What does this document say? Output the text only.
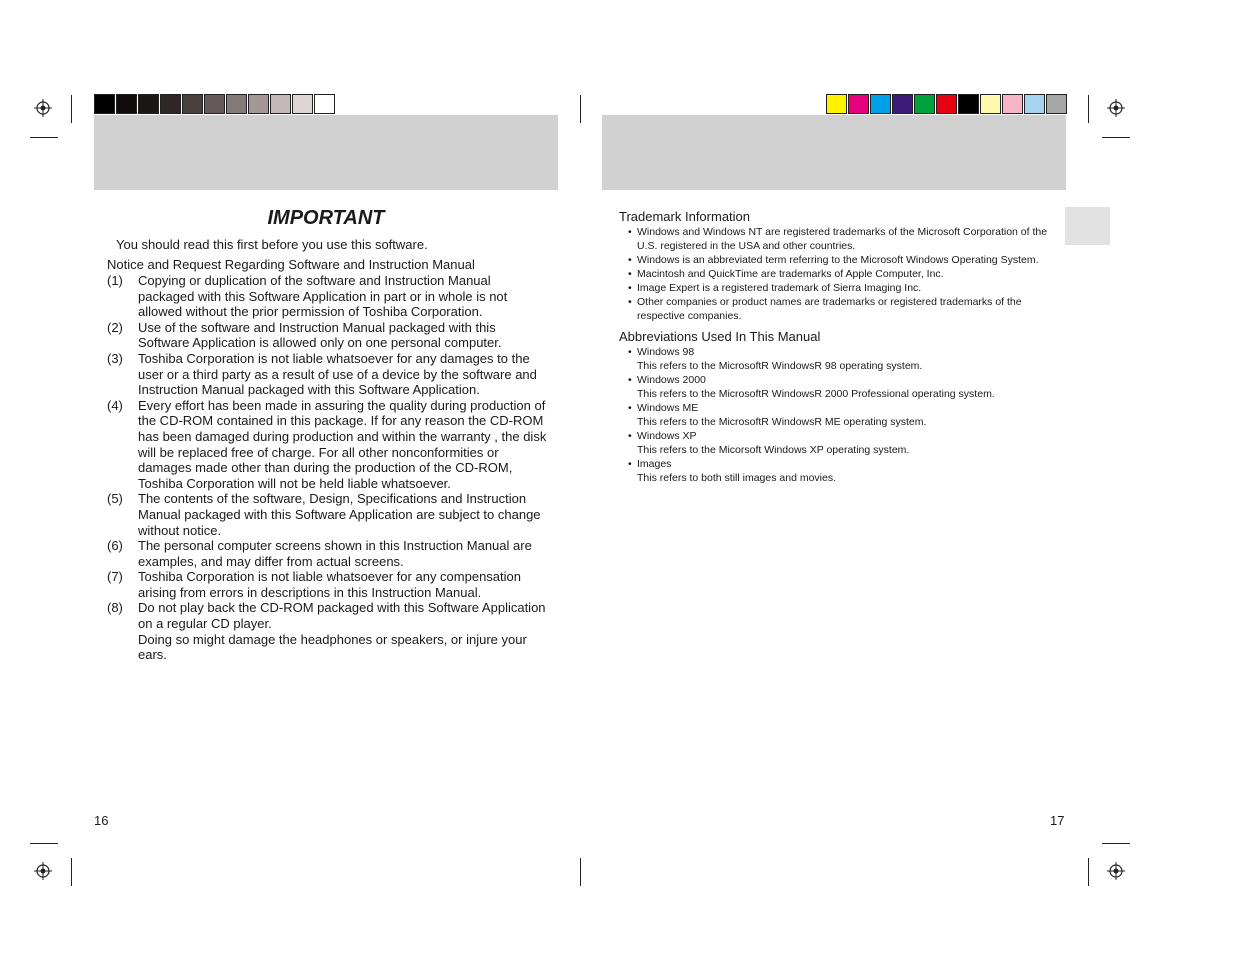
IMPORTANT
You should read this first before you use this software.
Notice and Request Regarding Software and Instruction Manual
(1)	Copying or duplication of the software and Instruction Manual packaged with this Software Application in part or in whole is not allowed without the prior permission of Toshiba Corporation.
(2)	Use of the software and Instruction Manual packaged with this Software Application is allowed only on one personal computer.
(3)	Toshiba Corporation is not liable whatsoever for any damages to the user or a third party as a result of use of a device by the software and Instruction Manual packaged with this Software Application.
(4)	Every effort has been made in assuring the quality during production of the CD-ROM contained in this package. If for any reason the CD-ROM has been damaged during production and within the warranty , the disk will be replaced free of charge. For all other nonconformities or damages made other than during the production of the CD-ROM, Toshiba Corporation will not be held liable whatsoever.
(5)	The contents of the software, Design, Specifications and Instruction Manual packaged with this Software Application are subject to change without notice.
(6)	The personal computer screens shown in this Instruction Manual are examples, and may differ from actual screens.
(7)	Toshiba Corporation is not liable whatsoever for any compensation arising from errors in descriptions in this Instruction Manual.
(8)	Do not play back the CD-ROM packaged with this Software Application on a regular CD player.
Doing so might damage the headphones or speakers, or injure your ears.
16
Trademark Information
• Windows and Windows NT are registered trademarks of the Microsoft Corporation of the U.S. registered in the USA and other countries.
• Windows is an abbreviated term referring to the Microsoft Windows Operating System.
• Macintosh and QuickTime are trademarks of Apple Computer, Inc.
• Image Expert is a registered trademark of Sierra Imaging Inc.
• Other companies or product names are trademarks or registered trademarks of the respective companies.
Abbreviations Used In This Manual
• Windows 98
This refers to the MicrosoftR WindowsR 98 operating system.
• Windows 2000
This refers to the MicrosoftR WindowsR 2000 Professional operating system.
• Windows ME
This refers to the MicrosoftR WindowsR ME operating system.
• Windows XP
This refers to the Micorsoft Windows XP operating system.
• Images
This refers to both still images and movies.
17
